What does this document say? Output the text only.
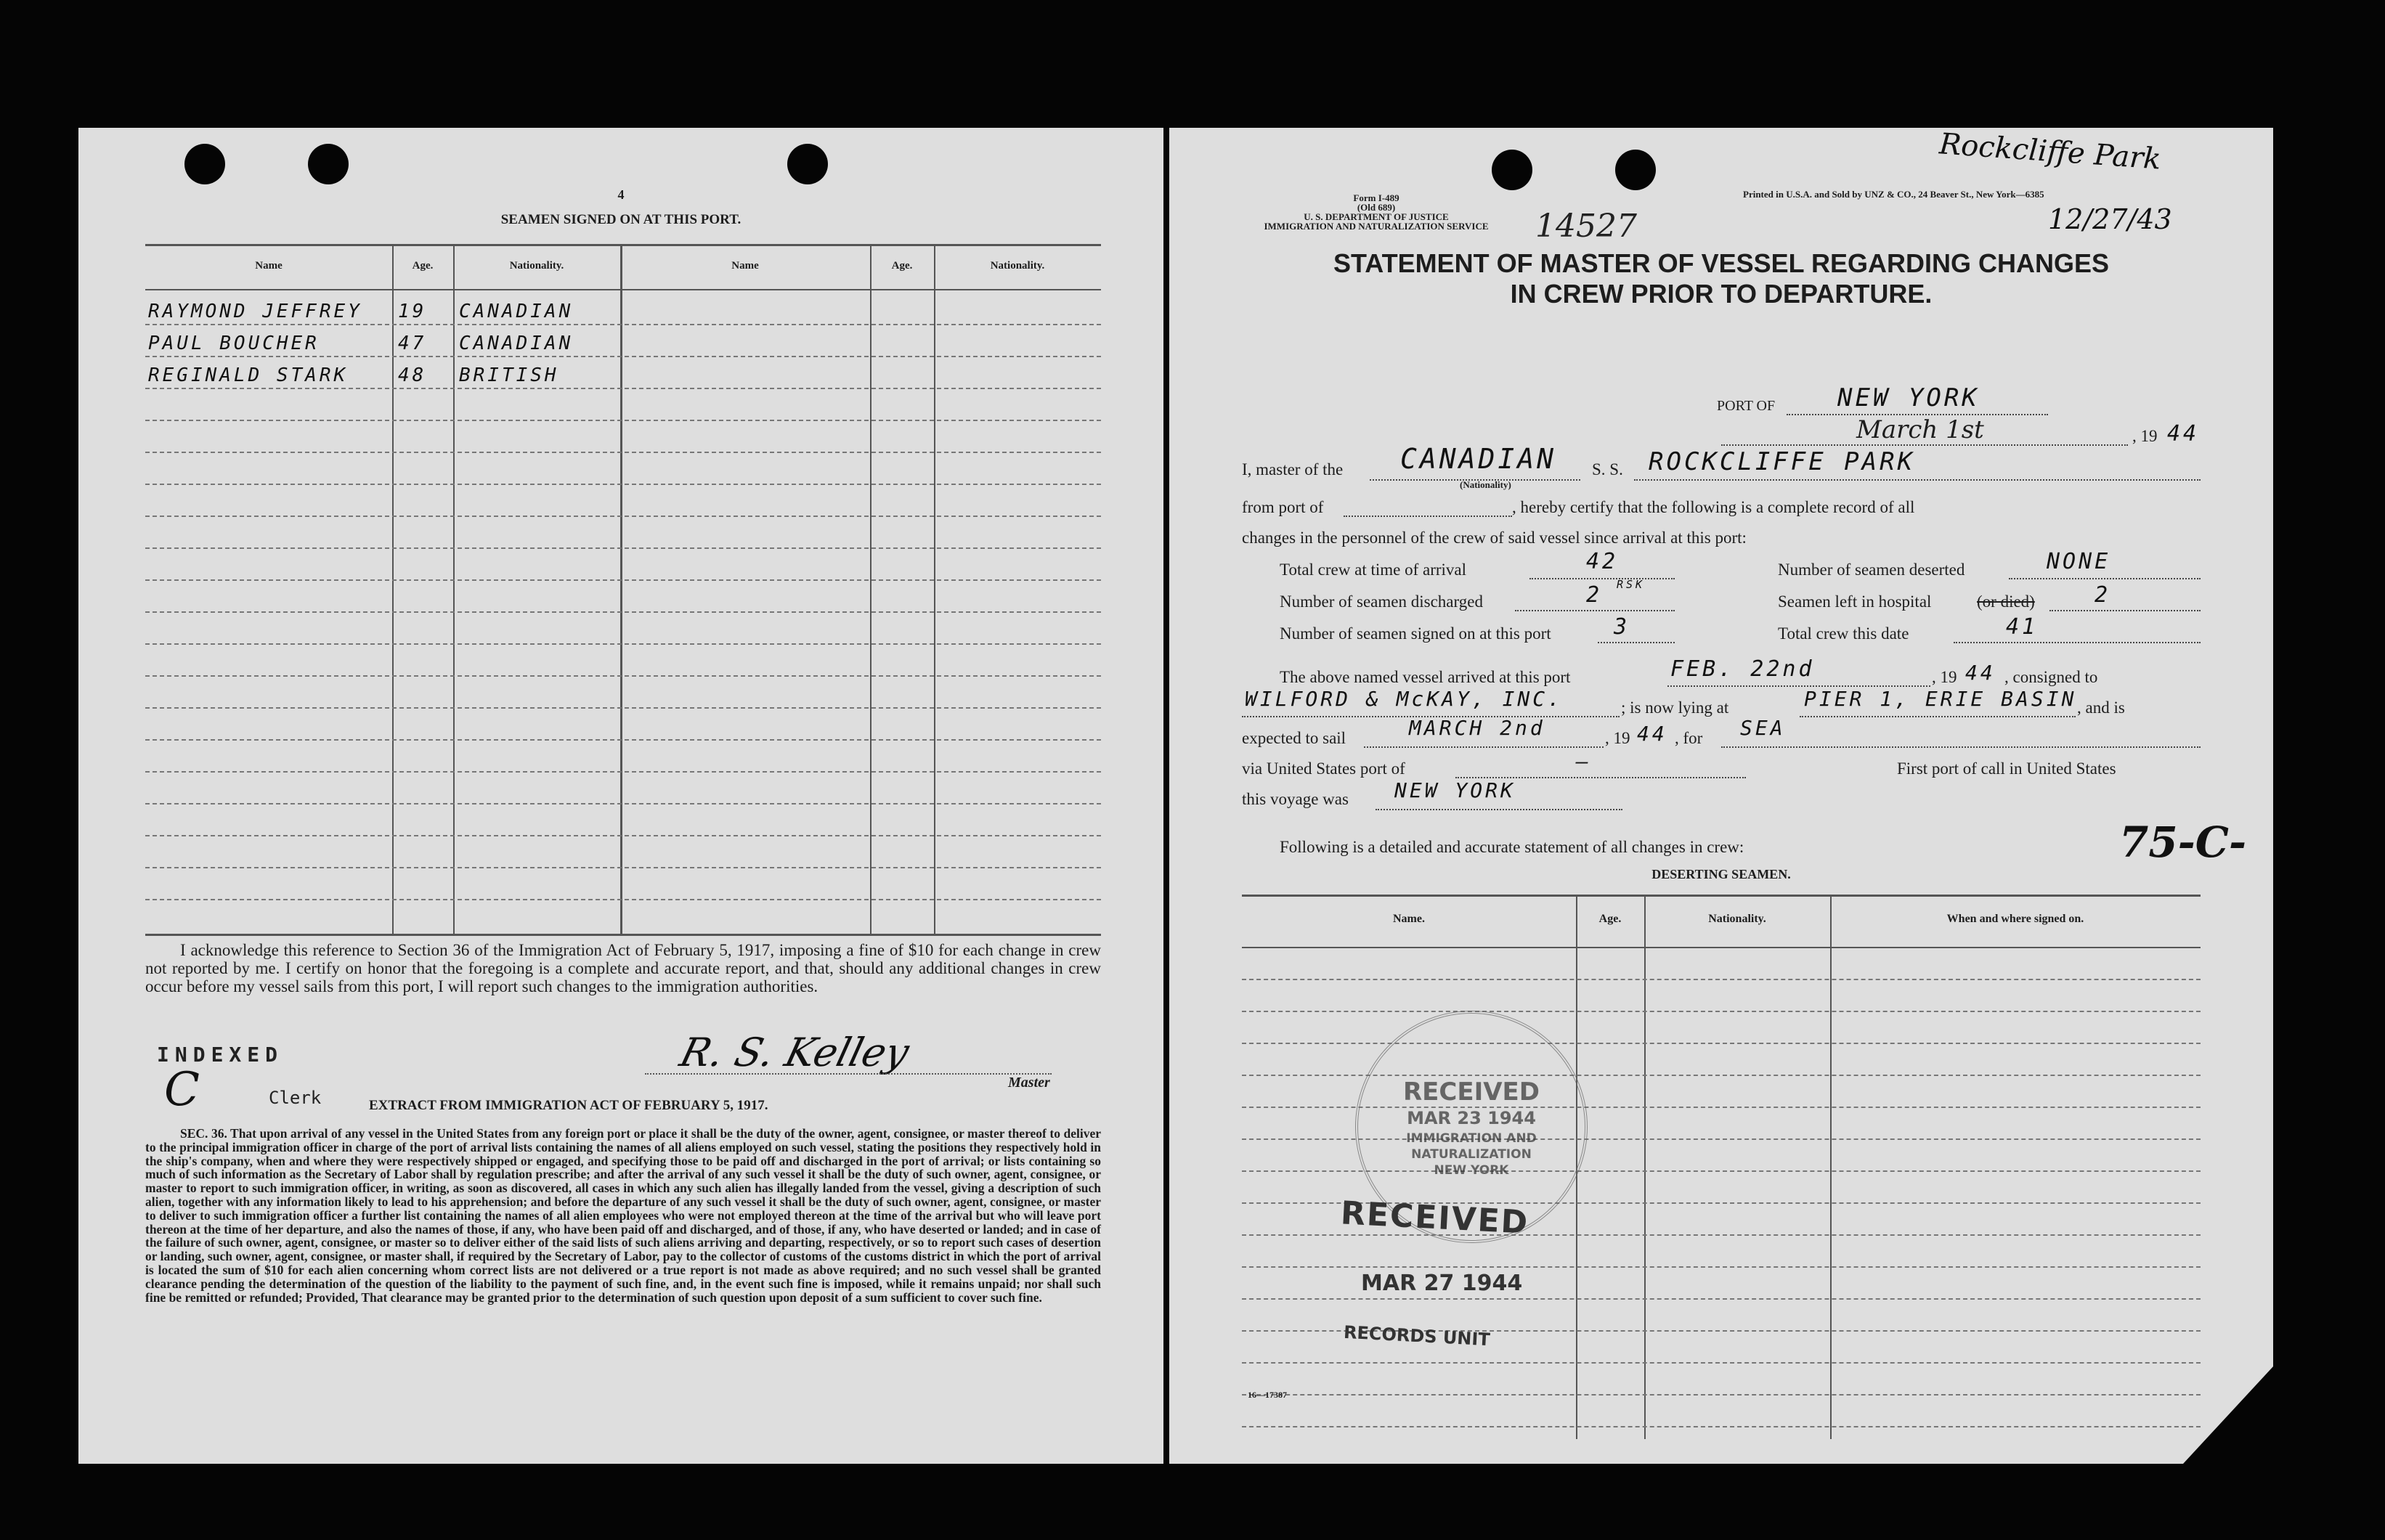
4
SEAMEN SIGNED ON AT THIS PORT.
Name	Age.	Nationality.	Name	Age.	Nationality.
RAYMOND JEFFREY	19 CANADIAN
PAUL BOUCHER	47 CANADIAN
REGINALD STARK	48 BRITISH
I acknowledge this reference to Section 36 of the Immigration Act of February 5, 1917, imposing a fine of $10 for each change in crew not reported by me. I certify on honor that the foregoing is a complete and accurate report, and that, should any additional changes in crew occur before my vessel sails from this port, I will report such changes to the immigration authorities.
INDEXED
C	Clerk
R. S. Kelley
Master
EXTRACT FROM IMMIGRATION ACT OF FEBRUARY 5, 1917.
SEC. 36. That upon arrival of any vessel in the United States from any foreign port or place it shall be the duty of the owner, agent, consignee, or master thereof to deliver to the principal immigration officer in charge of the port of arrival lists containing the names of all aliens employed on such vessel, stating the positions they respectively hold in the ship's company, when and where they were respectively shipped or engaged, and specifying those to be paid off and discharged in the port of arrival; or lists containing so much of such information as the Secretary of Labor shall by regulation prescribe; and after the arrival of any such vessel it shall be the duty of such owner, agent, consignee, or master to report to such immigration officer, in writing, as soon as discovered, all cases in which any such alien has illegally landed from the vessel, giving a description of such alien, together with any information likely to lead to his apprehension; and before the departure of any such vessel it shall be the duty of such owner, agent, consignee, or master to deliver to such immigration officer a further list containing the names of all alien employees who were not employed thereon at the time of the arrival but who will leave port thereon at the time of her departure, and also the names of those, if any, who have been paid off and discharged, and of those, if any, who have deserted or landed; and in case of the failure of such owner, agent, consignee, or master so to deliver either of the said lists of such aliens arriving and departing, respectively, or so to report such cases of desertion or landing, such owner, agent, consignee, or master shall, if required by the Secretary of Labor, pay to the collector of customs of the customs district in which the port of arrival is located the sum of $10 for each alien concerning whom correct lists are not delivered or a true report is not made as above required; and no such vessel shall be granted clearance pending the determination of the question of the liability to the payment of such fine, and, in the event such fine is imposed, while it remains unpaid; nor shall such fine be remitted or refunded; Provided, That clearance may be granted prior to the determination of such question upon deposit of a sum sufficient to cover such fine.
Form I-489
(Old 689)
U. S. DEPARTMENT OF JUSTICE
IMMIGRATION AND NATURALIZATION SERVICE
Printed in U.S.A. and Sold by UNZ & CO., 24 Beaver St., New York—6385
Rockcliffe Park
12/27/43
14527
STATEMENT OF MASTER OF VESSEL REGARDING CHANGES
IN CREW PRIOR TO DEPARTURE.
PORT OF	NEW YORK
March 1st	, 19 44
I, master of the CANADIAN
(Nationality)
S. S. ROCKCLIFFE PARK
from port of	, hereby certify that the following is a complete record of all
changes in the personnel of the crew of said vessel since arrival at this port:
Total crew at time of arrival	42	Number of seamen deserted	NONE
Number of seamen discharged	2 RSK
Seamen left in hospital	(or died)	2
Number of seamen signed on at this port	3	Total crew this date	41
The above named vessel arrived at this port	FEB. 22nd	, 19 44 , consigned to
WILFORD & McKAY, INC.	; is now lying at	PIER 1, ERIE BASIN , and is
expected to sail	MARCH 2nd	, 19 44 , for SEA
via United States port of	—	First port of call in United States
this voyage was NEW YORK
Following is a detailed and accurate statement of all changes in crew:	75-C-
DESERTING SEAMEN.
Name.	Age.	Nationality.	When and where signed on.
RECEIVED
MAR 23 1944
IMMIGRATION AND
NATURALIZATION
NEW YORK
RECEIVED
MAR 27 1944
RECORDS UNIT
16—17387
